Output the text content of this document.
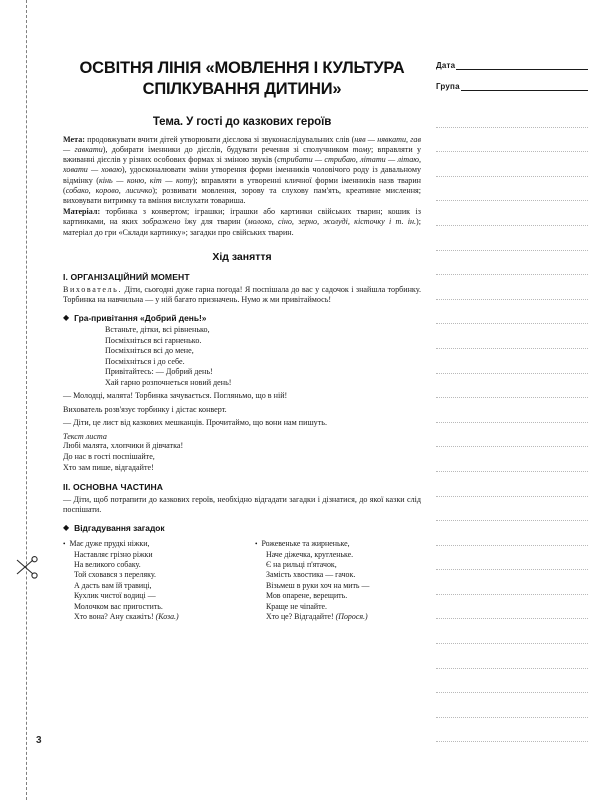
3
Дата
Група
ОСВІТНЯ ЛІНІЯ «МОВЛЕННЯ І КУЛЬТУРА
СПІЛКУВАННЯ ДИТИНИ»
Тема. У гості до казкових героїв

Мета: продовжувати вчити дітей утворювати дієслова зі звуконаслідувальних слів (няв — нявкати, гав — гавкати), добирати іменники до дієслів, будувати речення зі сполучником тому; вправляти у вживанні дієслів у різних особових формах зі зміною звуків (стрибати — стрибаю, літати — літаю, ховати — ховаю), удосконалювати зміни утворення форми іменників чоловічого роду із давальному відмінку (кінь — коню, кіт — коту); вправляти в утворенні кличної форми іменників назв тварин (собако, корово, лисичко); розвивати мовлення, зорову та слухову пам'ять, креативне мислення; виховувати витримку та вміння вислухати товариша.

Матеріал: торбинка з конвертом; іграшки; іграшки або картинки свійських тварин; кошик із картинками, на яких зображено їжу для тварин (молоко, сіно, зерно, жолуді, кісточку і т. ін.); матеріал до гри «Склади картинку»; загадки про свійських тварин.

Хід заняття
I. ОРГАНІЗАЦІЙНИЙ МОМЕНТ

Вихователь. Діти, сьогодні дуже гарна погода! Я поспішала до вас у садочок і знайшла торбинку. Торбинка на навчильна — у ній багато призначень. Нумо ж ми привітаймось!

◆ Гра-привітання «Добрий день!»
Встаньте, дітки, всі рівненько,
Посміхніться всі гарненько.
Посміхніться всі до мене,
Посміхніться і до себе.
Привітайтесь: — Добрий день!
Хай гарно розпочнеться новий день!

— Молодці, малята! Торбинка зачувається. Погляньмо, що в ній!

Вихователь розв'язує торбинку і дістає конверт.

— Діти, це лист від казкових мешканців. Прочитаймо, що вони нам пишуть.

Текст листа

Любі малята, хлопчики й дівчатка!
До нас в гості поспішайте,
Хто зам пише, відгадайте!
II. ОСНОВНА ЧАСТИНА

— Діти, щоб потрапити до казкових героїв, необхідно відгадати загадки і дізнатися, до якої казки слід поспішати.

◆ Відгадування загадок
• Має дуже прудкі ніжки,
Наставляє грізно ріжки
На великого собаку.
Той сховався з переляку.
А дасть вам їй травиці,
Кухлик чистої водиці —
Молочком вас пригостить.
Хто вона? Ану скажіть! (Коза.)
• Рожевеньке та жирненьке,
Наче діжечка, кругленьке.
Є на рильці п'ятачок,
Замість хвостика — гачок.
Візьмеш в руки хоч на мить —
Мов опарене, верещить.
Краще не чіпайте.
Хто це? Відгадайте! (Порося.)
